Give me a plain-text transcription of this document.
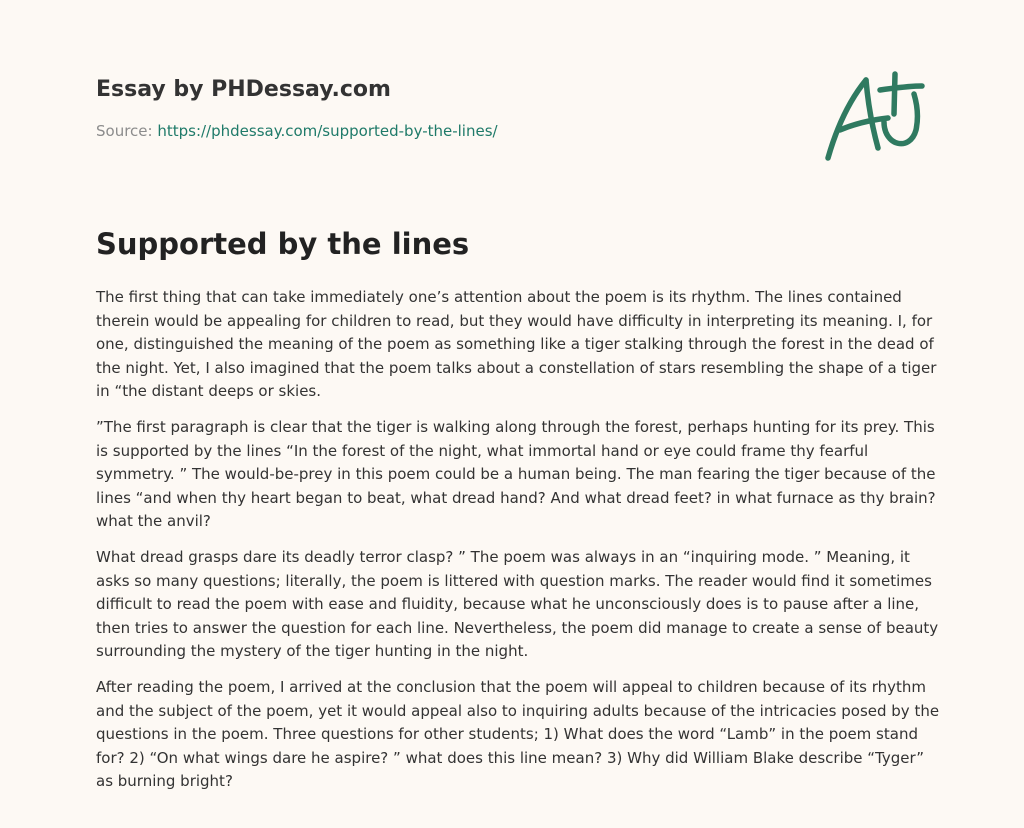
Essay by PHDessay.com
Source: https://phdessay.com/supported-by-the-lines/
Supported by the lines

The first thing that can take immediately one’s attention about the poem is its rhythm. The lines contained therein would be appealing for children to read, but they would have difficulty in interpreting its meaning. I, for one, distinguished the meaning of the poem as something like a tiger stalking through the forest in the dead of the night. Yet, I also imagined that the poem talks about a constellation of stars resembling the shape of a tiger in “the distant deeps or skies.

”The first paragraph is clear that the tiger is walking along through the forest, perhaps hunting for its prey. This is supported by the lines “In the forest of the night, what immortal hand or eye could frame thy fearful symmetry. ” The would-be-prey in this poem could be a human being. The man fearing the tiger because of the lines “and when thy heart began to beat, what dread hand? And what dread feet? in what furnace as thy brain? what the anvil?

What dread grasps dare its deadly terror clasp? ” The poem was always in an “inquiring mode. ” Meaning, it asks so many questions; literally, the poem is littered with question marks. The reader would find it sometimes difficult to read the poem with ease and fluidity, because what he unconsciously does is to pause after a line, then tries to answer the question for each line. Nevertheless, the poem did manage to create a sense of beauty surrounding the mystery of the tiger hunting in the night.

After reading the poem, I arrived at the conclusion that the poem will appeal to children because of its rhythm and the subject of the poem, yet it would appeal also to inquiring adults because of the intricacies posed by the questions in the poem. Three questions for other students; 1) What does the word “Lamb” in the poem stand for? 2) “On what wings dare he aspire? ” what does this line mean? 3) Why did William Blake describe “Tyger” as burning bright?
